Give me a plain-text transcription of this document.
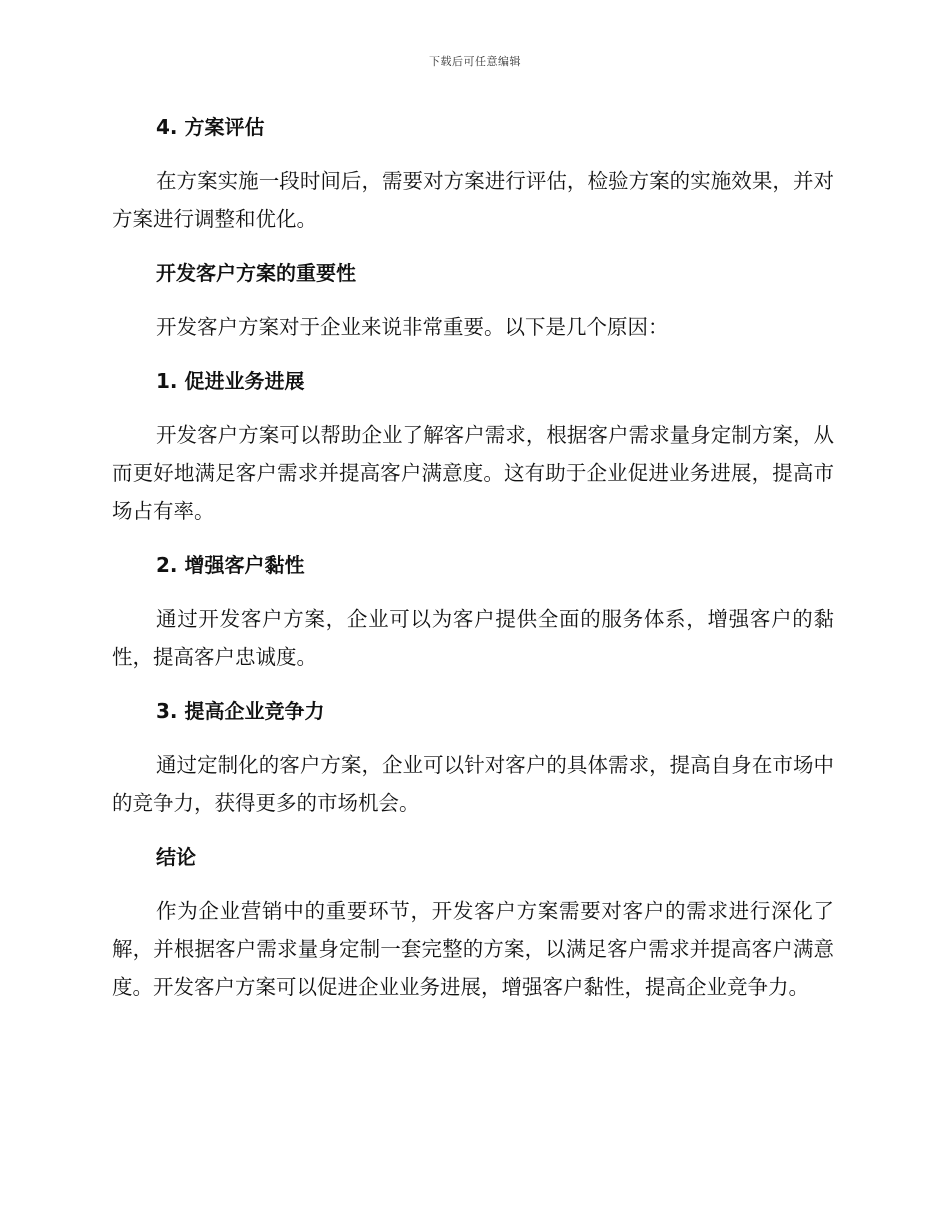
下载后可任意编辑
4. 方案评估

在方案实施一段时间后，需要对方案进行评估，检验方案的实施效果，并对方案进行调整和优化。

开发客户方案的重要性

开发客户方案对于企业来说非常重要。以下是几个原因：

1. 促进业务进展

开发客户方案可以帮助企业了解客户需求，根据客户需求量身定制方案，从而更好地满足客户需求并提高客户满意度。这有助于企业促进业务进展，提高市场占有率。

2. 增强客户黏性

通过开发客户方案，企业可以为客户提供全面的服务体系，增强客户的黏性，提高客户忠诚度。

3. 提高企业竞争力

通过定制化的客户方案，企业可以针对客户的具体需求，提高自身在市场中的竞争力，获得更多的市场机会。

结论

作为企业营销中的重要环节，开发客户方案需要对客户的需求进行深化了解，并根据客户需求量身定制一套完整的方案，以满足客户需求并提高客户满意度。开发客户方案可以促进企业业务进展，增强客户黏性，提高企业竞争力。
